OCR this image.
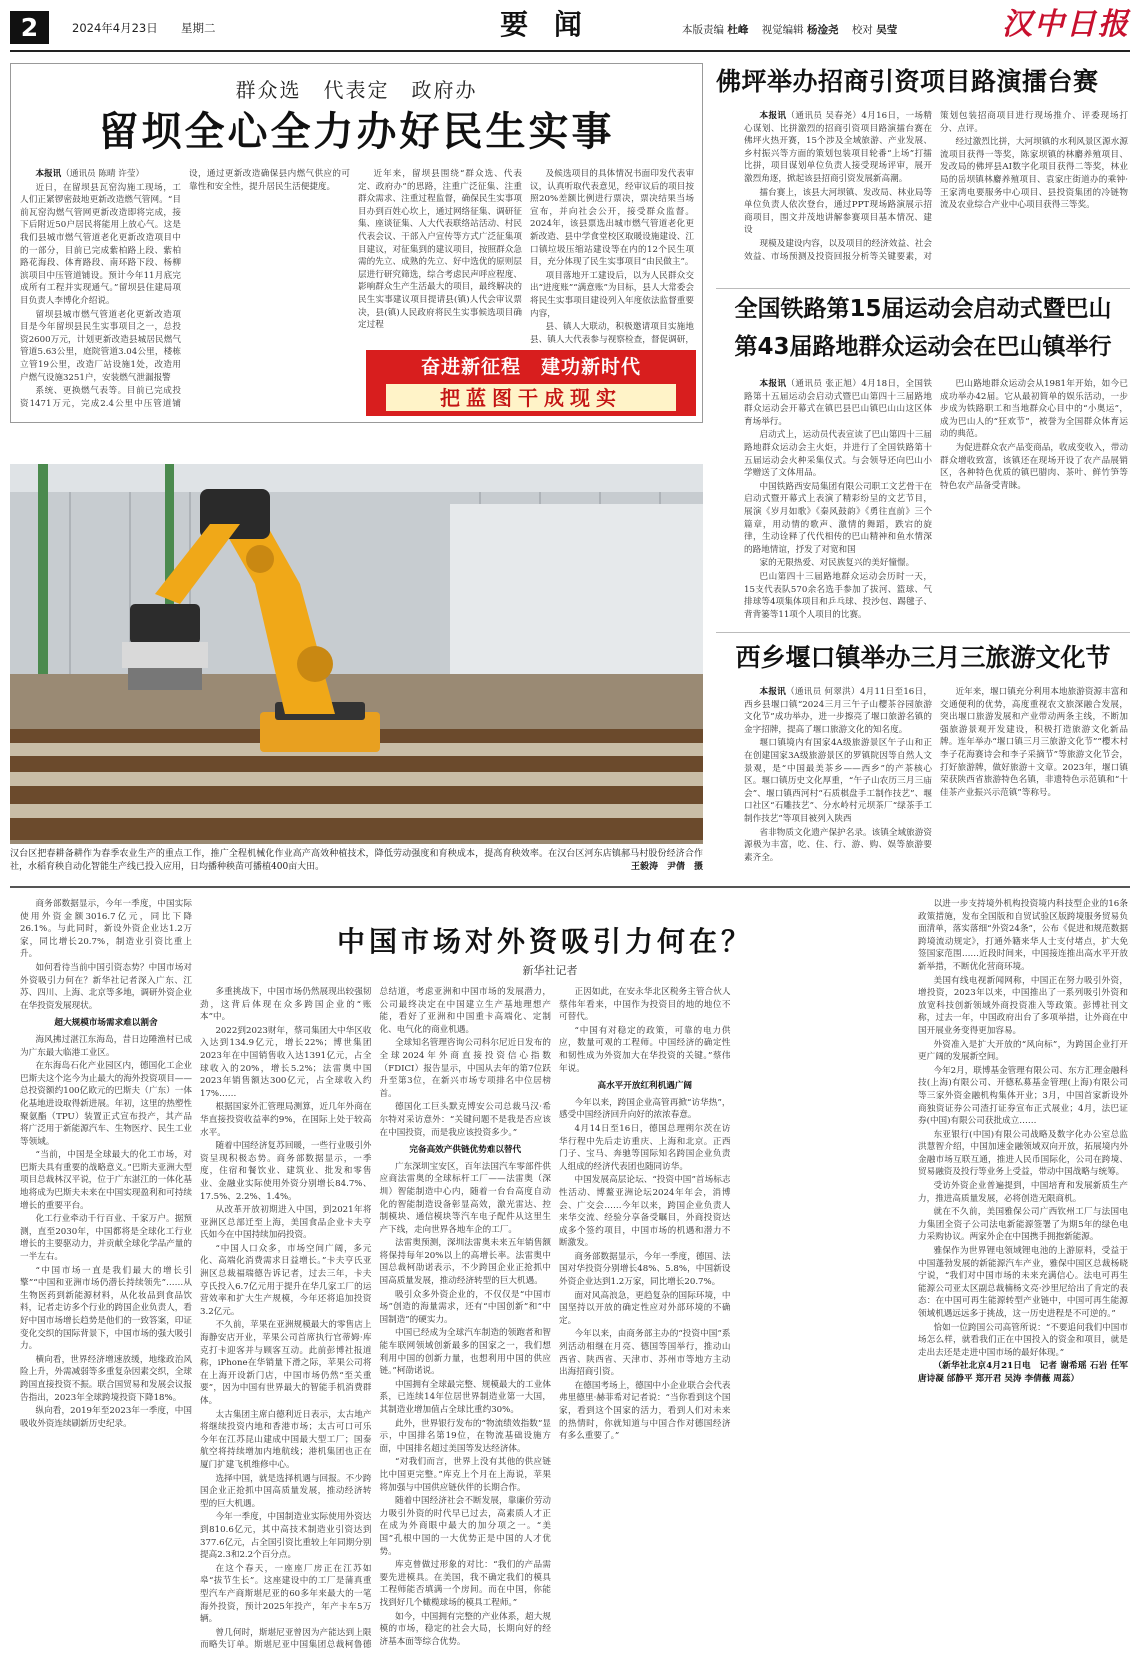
2	2024年4月23日 星期二	要 闻	本版责编 杜峰 视觉编辑 杨淦尧 校对 吴莹	汉中日报
群众选　代表定　政府办
留坝全心全力办好民生实事

本报讯（通讯员 陈晴 许莹）

近日，在留坝县瓦窑沟施工现场，工人们正紧锣密鼓地更新改造燃气管网。“目前瓦窑沟燃气管网更新改造即将完成，接下后附近50户居民将能用上放心气。这是我们县城市燃气管道老化更新改造项目中的一部分，目前已完成紫柏路上段、紫柏路花海段、体育路段、南环路下段、杨柳滨项目中压管道铺设。预计今年11月底完成所有工程并实现通气。”留坝县住建局项目负责人李博化介绍说。

留坝县城市燃气管道老化更新改造项目是今年留坝县民生实事项目之一，总投资2600万元，计划更新改造县城居民燃气管道5.63公里，庭院管道3.04公里，楼栋立管19公里，改造厂站设施1处，改造用户燃气设施3251户，安装燃气泄漏报警

系统、更换燃气表等。目前已完成投资1471万元，完成2.4公里中压管道铺设，通过更新改造确保县内燃气供应的可靠性和安全性，提升居民生活便捷度。

近年来，留坝县围绕“群众选、代表定、政府办”的思路，注重广泛征集、注重群众需求、注重过程监督，确保民生实事项目办到百姓心坎上，通过网络征集、调研征集、座谈征集、人大代表联络站活动、村民代表会议、干部入户宣传等方式广泛征集项目建议，对征集到的建议项目，按照群众急需的先立、成熟的先立、好中选优的原则层层进行研究筛选，综合考虑民声呼应程度、影响群众生产生活最大的项目，最终解决的民生实事建议项目提请县(镇)人代会审议票决，县(镇)人民政府将民生实事候选项目确定过程

及候选项目的具体情况书面印发代表审议，认真听取代表意见，经审议后的项目按照20%差额比例进行票决，票决结果当场宣布，并向社会公开，接受群众监督。2024年，该县票选出城市燃气管道老化更新改造、县中学食堂校区取暖设施建设、江口镇垃圾压缩站建设等在内的12个民生项目，充分体现了民生实事项目“由民做主”。

项目落地开工建设后，以为人民群众交出“进度账”“满意账”为目标，县人大常委会将民生实事项目建设列入年度依法监督重要内容，

县、镇人大联动，积极邀请项目实施地县、镇人大代表参与视察检查，督促调研，

奋进新征程　建功新时代
把蓝图干成现实
汉台区把春耕备耕作为春季农业生产的重点工作，推广全程机械化作业高产高效种植技术，降低劳动强度和育秧成本，提高育秧效率。在汉台区河东店镇郝马村股份经济合作社，水稻育秧自动化智能生产线已投入应用，日均播种秧苗可播植400亩大田。	王毅涛　尹倩　摄
佛坪举办招商引资项目路演擂台赛

本报讯（通讯员 吴春尧）4月16日，一场精心谋划、比拼激烈的招商引资项目路演擂台赛在佛坪火热开赛，15个涉及全域旅游、产业发展、乡村振兴等方面的策划包装项目轮番“上场”打擂比拼，项目谋划单位负责人接受现场评审，展开激烈角逐，掀起该县招商引资发展新高潮。

擂台赛上，该县大河坝镇、发改局、林业局等单位负责人依次登台，通过PPT现场路演展示招商项目，围文并茂地讲解参赛项目基本情况、建设

现模及建设内容，以及项目的经济效益、社会效益、市场预测及投资回报分析等关键要素，对策划包装招商项目进行现场推介、评委现场打分、点评。

经过激烈比拼，大河坝镇的水利风景区源水源流项目获得一等奖，陈家坝镇的林麝养殖项目、发改局的佛坪县AI数字化项目获得二等奖，林业局的岳坝镇林麝养殖项目、袁家庄街道办的乘钟·王家湾电要服务中心项目、县投资集团的冷链物流及农业综合产业中心项目获得三等奖。

全国铁路第15届运动会启动式暨巴山
第43届路地群众运动会在巴山镇举行

本报讯（通讯员 张正旭）4月18日，全国铁路第十五届运动会启动式暨巴山第四十三届路地群众运动会开幕式在镇巴县巴山镇巴山山这区体育场举行。

启动式上，运动员代表宣读了巴山第四十三届路地群众运动会主火炬，并进行了全国铁路第十五届运动会火种采集仪式。与会领导还向巴山小学赠送了文体用品。

中国铁路西安局集团有限公司职工文艺骨干在启动式暨开幕式上表演了精彩纷呈的文艺节目，展演《岁月如歌》《秦风鼓韵》《勇往直前》三个篇章，用动情的歌声、激情的舞蹈，跌宕的旋律，生动诠释了代代相传的巴山精神和鱼水情深的路地情谊，抒发了对宽和国

家的无限热爱、对民族复兴的美好憧憬。

巴山第四十三届路地群众运动会历时一天，15支代表队570余名选手参加了拔河、篮球、气排球等4项集体项目和乒乓球、投沙包、踢毽子、背背篓等11项个人项目的比赛。

巴山路地群众运动会从1981年开始，如今已成功举办42届。它从最初简单的娱乐活动，一步步成为铁路职工和当地群众心目中的“小奥运”，成为巴山人的“狂欢节”，被誉为全国群众体育运动的典范。

为促进群众农产品变商品，收成变收入，带动群众增收致富，该镇还在现场开设了农产品展销区，各种特色优质的镇巴腊肉、茶叶、鲜竹笋等特色农产品备受青睐。

西乡堰口镇举办三月三旅游文化节

本报讯（通讯员 何翠洪）4月11日至16日，西乡县堰口镇“2024三月三午子山樱茶谷园旅游文化节”成功举办，进一步擦亮了堰口旅游名镇的金字招牌，提高了堰口旅游文化的知名度。

堰口镇境内有国家4A级旅游景区午子山和正在创建国家3A级旅游景区的罗镇院因等自然人文景观，是“中国最美茶乡——西乡”的产茶核心区。堰口镇历史文化厚重，“午子山农历三月三庙会”、堰口镇西河村“石质棋盘手工制作技艺”、堰口社区“石雕技艺”、分水岭村元坝茶厂“绿茶手工制作技艺”等项目被列入陕西

省非物质文化遗产保护名录。该镇全域旅游资源极为丰富，吃、住、行、游、购、娱等旅游要素齐全。

近年来，堰口镇充分利用本地旅游资源丰富和交通便利的优势，高度重视农文旅深融合发展，突出堰口旅游发展和产业带动两条主线，不断加强旅游景观开发建设，积极打造旅游文化新品牌。连年举办“堰口镇三月三旅游文化节”“樱木村李子花海赛诗会和李子采摘节”等旅游文化节会，打好旅游牌，做好旅游＋文章。2023年，堰口镇荣获陕西省旅游特色名镇，非遗特色示范镇和“十佳茶产业振兴示范镇”等称号。

中国市场对外资吸引力何在？
新华社记者

商务部数据显示，今年一季度，中国实际使用外资金额3016.7亿元，同比下降26.1%。与此同时，新设外资企业达1.2万家，同比增长20.7%，制造业引资比重上升。

如何看待当前中国引资态势？中国市场对外资吸引力何在？新华社记者深入广东、江苏、四川、上海、北京等多地，调研外资企业在华投资发展现状。

超大规模市场需求难以割舍

海风拂过湛江东海岛，昔日边陲渔村已成为广东最大临港工业区。

在东海岛石化产业园区内，德国化工企业巴斯夫这个迄今为止最大的海外投资项目——总投资额约100亿欧元的巴斯夫（广东）一体化基地进设取得新进展。年初，这里的热塑性聚氨酯（TPU）装置正式宣布投产，其产品将广泛用于新能源汽车、生物医疗、民生工业等领域。

“当前，中国是全球最大的化工市场，对巴斯夫具有重要的战略意义。”巴斯夫亚洲大型项目总裁林汉平说，位于广东湛江的一体化基地将成为巴斯夫未来在中国实现盈利和可持续增长的重要平台。

化工行业牵动千行百业、千家万户。据预测，直至2030年，中国都将是全球化工行业增长的主要驱动力，并贡献全球化学品产量的一半左右。

“中国市场一直是我们最大的增长引擎”“中国和亚洲市场仍潜长持续领先”……从生物医药到新能源材料，从化妆品到食品饮料，记者走访多个行业的跨国企业负责人，看好中国市场增长趋势是他们的一致答案，印证变化交织的国际背景下，中国市场的强大吸引力。

横向看，世界经济增速放缓，地缘政治风险上升，外需减弱等多重复杂因素交织，全球跨国直接投资不振。联合国贸易和发展会议报告指出，2023年全球跨境投资下降18%。

纵向看，2019年至2023年一季度，中国吸收外资连续刷新历史纪录。

多重挑战下，中国市场仍然展现出较强韧劲，这背后体现在众多跨国企业的“账本”中。

2022到2023财年，蔡司集团大中华区收入达到134.9亿元，增长22%；博世集团2023年在中国销售收入达1391亿元，占全球收入的20%，增长5.2%；法雷奥中国2023年销售额达300亿元，占全球收入约17%……

根据国家外汇管理局测算，近几年外商在华直接投资收益率约9%，在国际上处于较高水平。

随着中国经济复苏回暖，一些行业吸引外资呈现积极态势。商务部数据显示，一季度，住宿和餐饮业、建筑业、批发和零售业、金融业实际使用外资分别增长84.7%、17.5%、2.2%、1.4%。

从改革开放初期进入中国，到2021年将亚洲区总部迁至上海，美国食品企业卡夫亨氏如今在中国持续加码投资。

“中国人口众多，市场空间广阔，多元化、高端化消费需求日益增长。”卡夫亨氏亚洲区总裁福瑞德告诉记者，过去三年，卡夫亨氏投入6.7亿元用于提升在华几家工厂的运营效率和扩大生产规模，今年还将追加投资3.2亿元。

不久前，苹果在亚洲规模最大的零售店上海静安店开业，苹果公司首席执行官蒂姆·库克打卡迎客并与顾客互动。此前彭博社报道称，iPhone在华销量下滑之际，苹果公司将在上海开设新门店，中国市场仍然“至关重要”，因为中国有世界最大的智能手机消费群体。

太古集团主席白德利近日表示，太古地产将继续投资内地和香港市场；太古可口可乐今年在江苏昆山建成中国最大型工厂；国泰航空将持续增加内地航线；港机集团也正在厦门扩建飞机维修中心。

选择中国，就是选择机遇与回报。不少跨国企业正抢抓中国高质量发展，推动经济转型的巨大机遇。

今年一季度，中国制造业实际使用外资达到810.6亿元，其中高技术制造业引资达到377.6亿元，占全国引资比重较上年同期分别提高2.3和2.2个百分点。

在这个春天，一座座厂房正在江苏如皋“拔节生长”。这座建设中的工厂是蒲真重型汽车产商斯堪尼亚的60多年来最大的一笔海外投资，预计2025年投产，年产卡车5万辆。

曾几何时，斯堪尼亚曾因为产能达到上限而略失订单。斯堪尼亚中国集团总裁柯鲁德总结道，考虑亚洲和中国市场的发展潜力，公司最终决定在中国建立生产基地理想产能，看好了亚洲和中国重卡高端化、定制化、电气化的商业机遇。

全球知名管理咨询公司科尔尼近日发布的全球2024年外商直接投资信心指数（FDICI）报告显示，中国从去年的第7位跃升至第3位，在新兴市场专项排名中位居榜首。

德国化工巨头默克博安公司总裁马汉·希尔特对采访意外：“关键问题不是我是否应该在中国投资，而是我应该投资多少。”

完备高效产供链优势难以替代

广东深圳宝安区，百年法国汽车零部件供应商法雷奥的全球标杆工厂——法雷奥（深圳）智能制造中心内，随着一台台高度自动化的智能制造设备彰显高效，激光雷达、控制模块、通信模块等汽车电子配件从这里生产下线，走向世界各地车企的工厂。

法雷奥预测，深圳法雷奥未来五年销售额将保持每年20%以上的高增长率。法雷奥中国总裁柯劭诺表示，不少跨国企业正抢抓中国高质量发展，推动经济转型的巨大机遇。

吸引众多外资企业的，不仅仅是“中国市场”创造的海量需求，还有“中国创新”和“中国制造”的硬实力。

中国已经成为全球汽车制造的领跑者和智能车联网领域创新最多的国家之一，我们想利用中国的创新力量，也想利用中国的供应链。”柯劭诺说。

中国拥有全球最完整、规模最大的工业体系，已连续14年位居世界制造业第一大国，其制造业增加值占全球比重约30%。

此外，世界银行发布的“物流绩效指数”显示，中国排名第19位，在物流基础设施方面，中国排名超过美国等发达经济体。

“对我们而言，世界上没有其他的供应链比中国更完整。”库克上个月在上海说，苹果将加强与中国供应链伙伴的长期合作。

随着中国经济社会不断发展，靠廉价劳动力吸引外资的时代早已过去，高素质人才正在成为外商眼中最大的加分项之一。“美国”孔根中国的一大优势正是中国的人才优势。

库克曾做过形象的对比：“我们的产品需要先进模具。在美国，我不确定我们的模具工程师能否填满一个房间。而在中国，你能找到好几个橄榄球场的模具工程师。”

如今，中国拥有完整的产业体系，超大规模的市场，稳定的社会大局，长期向好的经济基本面等综合优势。

正因如此，在安永华北区税务主管合伙人蔡伟年看来，中国作为投资目的地的地位不可替代。

“中国有对稳定的政策，可靠的电力供应，数量可观的工程师。中国经济的确定性和韧性成为外资加大在华投资的关键。”蔡伟年说。

高水平开放红利机遇广阔

今年以来，跨国企业高管再掀“访华热”，感受中国经济回升向好的浓浓春意。

4月14日至16日，德国总理朔尔茨在访华行程中先后走访重庆、上海和北京。正西门子、宝马、奔驰等国际知名跨国企业负责人组成的经济代表团也随同访华。

中国发展高层论坛、“投资中国”首场标志性活动、博鳌亚洲论坛2024年年会，消博会、广交会……今年以来，跨国企业负责人来华交流、经验分享备受瞩目，外商投资达成多个签约项目，中国市场的机遇和潜力不断激发。

商务部数据显示，今年一季度，德国、法国对华投资分别增长48%、5.8%，中国新设外资企业达到1.2万家，同比增长20.7%。

面对风高浪急，更趋复杂的国际环境，中国坚持以开放的确定性应对外部环境的不确定。

今年以来，由商务部主办的“投资中国”系列活动相继在月亮、德国等国举行，推动山西省、陕西省、天津市、苏州市等地方主动出海招商引资。

在德国考场上，德国中小企业联合会代表弗里德里·赫菲希对记者说：“当你看到这个国家，看到这个国家的活力，看到人们对未来的热情时，你就知道与中国合作对德国经济有多么重要了。”

以进一步支持境外机构投资境内科技型企业的16条政策措施，发布全国版和自贸试验区版跨境服务贸易负面清单，落实落细“外资24条”，公布《促进和规范数据跨境流动规定》，打通外籍来华人士支付堵点，扩大免签国家范围……近段时间来，中国接连推出高水平开放新举措，不断优化营商环境。

美国有线电视新闻网称，中国正在努力吸引外资，增投资，2023年以来，中国推出了一系列吸引外资和放宽科技创新领域外商投资准入等政策。彭博社刊文称，过去一年，中国政府出台了多项举措，让外商在中国开展业务变得更加容易。

外资准入是扩大开放的“风向标”，为跨国企业打开更广阔的发展新空间。

今年2月，联博基金管理有限公司、东方汇理金融科技(上海)有限公司、开德私募基金管理(上海)有限公司等三家外资金融机构集体开业；3月，中国首家新设外商独资证券公司渣打证券宣布正式展业；4月，法巴证券(中国)有限公司获批成立……

东亚银行(中国)有限公司战略及数字化办公室总监洪慧智介绍，中国加速金融领域双向开放，拓展境内外金融市场互联互通，推进人民币国际化，公司在跨境、贸易融资及投行等业务上受益，带动中国战略与统筹。

受访外资企业普遍提到，中国培育和发展新质生产力，推进高质量发展，必将创造无限商机。

就在不久前，美国雅保公司广西钦州工厂与法国电力集团全资子公司法电新能源签署了为期5年的绿色电力采购协议。两家外企在中国携手拥抱新能源。

雅保作为世界锂电领域锂电池的上游原料，受益于中国蓬勃发展的新能源汽车产业，雅保中国区总裁杨晓宁说，“我们对中国市场的未来充满信心。法电可再生能源公司亚太区副总裁楠杨文亮·沙里尼给出了肯定的表态：在中国可再生能源转型产业链中，中国可再生能源领域机遇远远多于挑战，这一历史进程是不可逆的。”

恰如一位跨国公司高管所说：“不要追问我们中国市场怎么样，就看我们正在中国投入的资金和项目，就是走出去还是走进中国市场的最好体现。”

（新华社北京4月21日电　记者 谢希瑶 石岩 任军 唐诗凝 邰静平 郑开君 吴涛 李倩薇 周蕊）
